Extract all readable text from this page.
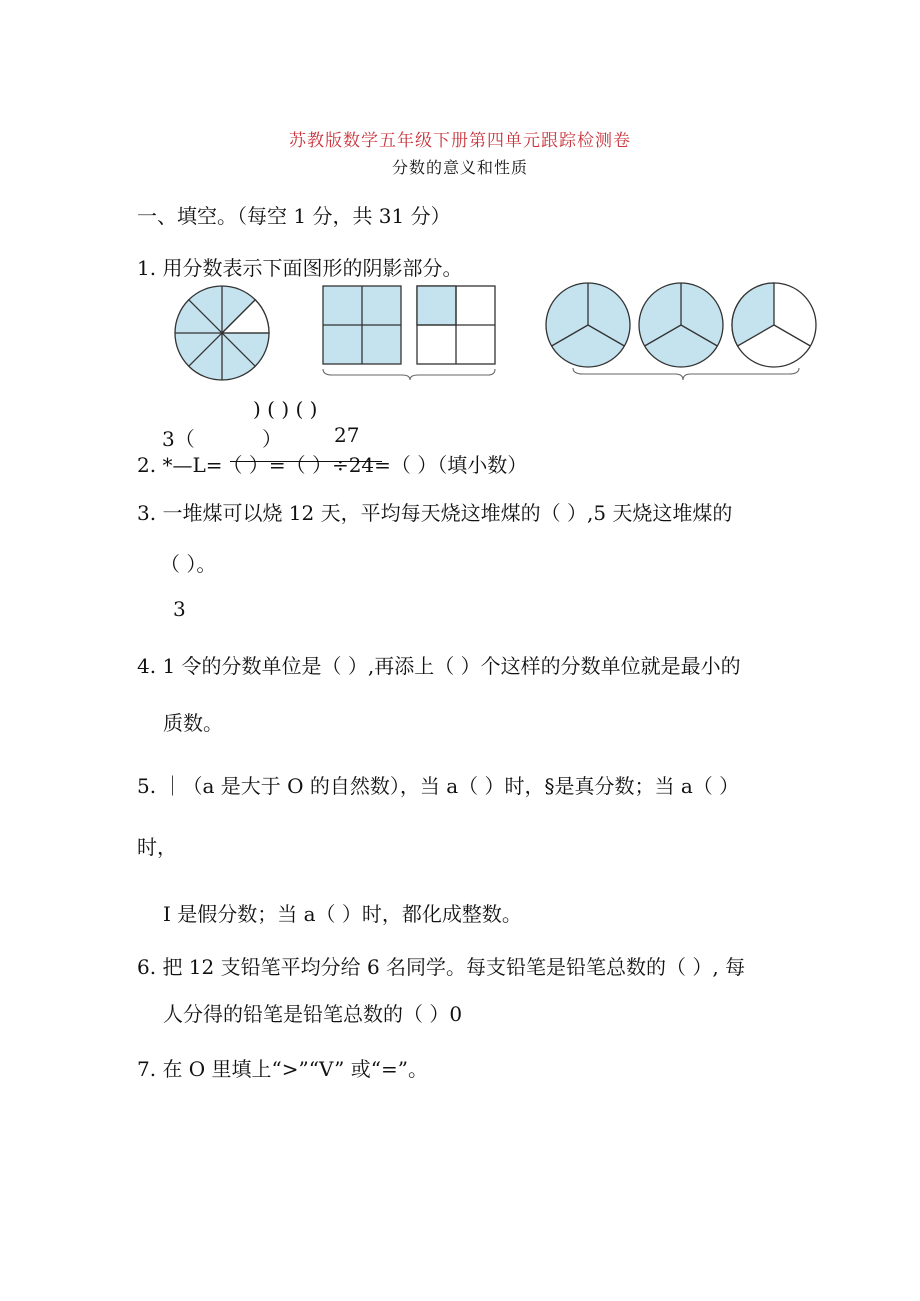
苏教版数学五年级下册第四单元跟踪检测卷
分数的意义和性质
一、填空。（每空 1 分，共 31 分）
1. 用分数表示下面图形的阴影部分。
) ( ) ( )
3（	）	27
2. *—L=（ ）=（ ）÷24=（ ）（填小数）
3. 一堆煤可以烧 12 天，平均每天烧这堆煤的（ ）,5 天烧这堆煤的
（ ）。
3
4. 1 令的分数单位是（ ）,再添上（ ）个这样的分数单位就是最小的
质数。
5. ｜（a 是大于 O 的自然数），当 a（ ）时，§是真分数；当 a（ ）
时，
I 是假分数；当 a（ ）时，都化成整数。
6. 把 12 支铅笔平均分给 6 名同学。每支铅笔是铅笔总数的（ ）, 每
人分得的铅笔是铅笔总数的（ ）0
7. 在 O 里填上“>”“V” 或“=”。
